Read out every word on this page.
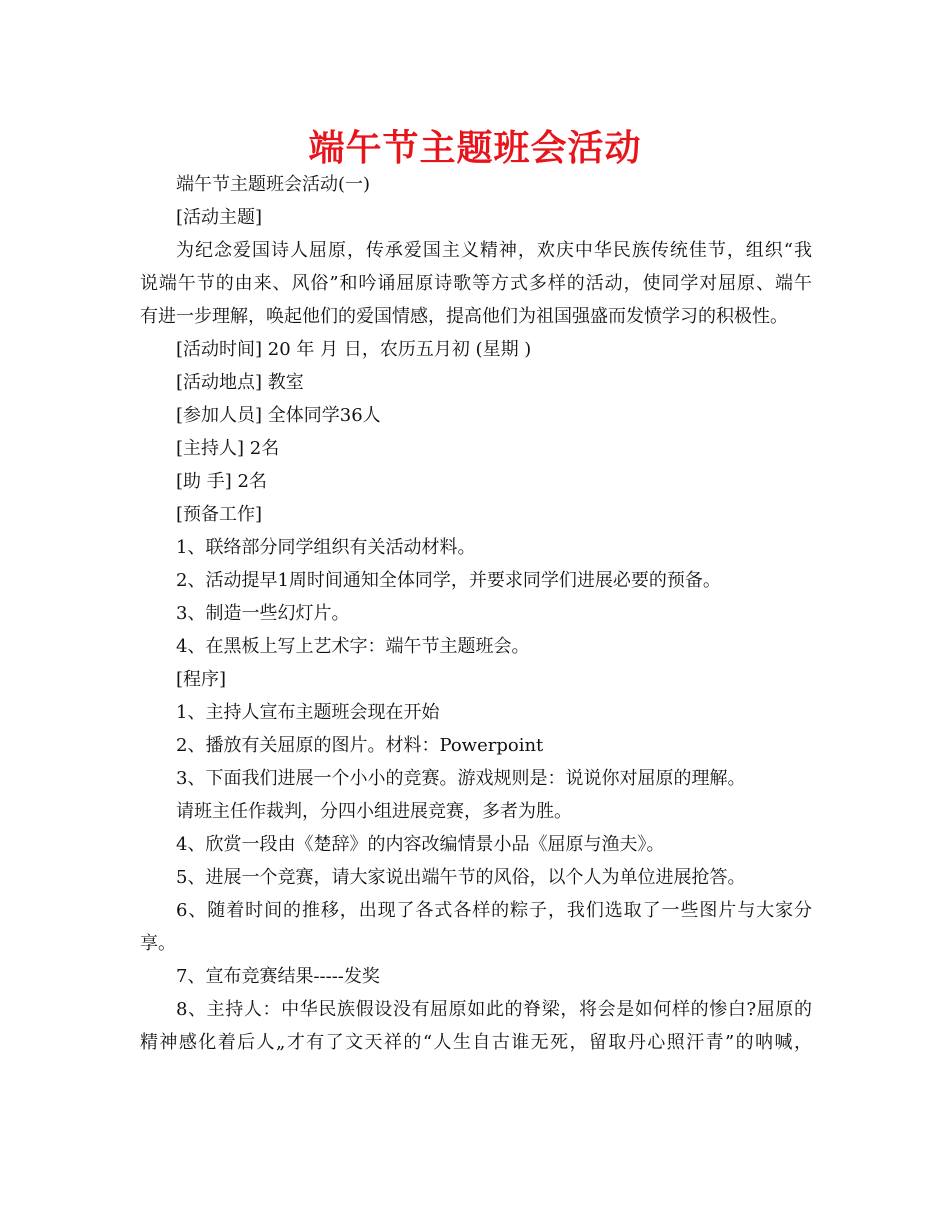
端午节主题班会活动
端午节主题班会活动(一)
[活动主题]
为纪念爱国诗人屈原，传承爱国主义精神，欢庆中华民族传统佳节，组织“我
说端午节的由来、风俗”和吟诵屈原诗歌等方式多样的活动，使同学对屈原、端午
有进一步理解，唤起他们的爱国情感，提高他们为祖国强盛而发愤学习的积极性。
[活动时间] 20 年 月 日，农历五月初 (星期 )
[活动地点] 教室
[参加人员] 全体同学36人
[主持人] 2名
[助 手] 2名
[预备工作]
1、联络部分同学组织有关活动材料。
2、活动提早1周时间通知全体同学，并要求同学们进展必要的预备。
3、制造一些幻灯片。
4、在黑板上写上艺术字：端午节主题班会。
[程序]
1、主持人宣布主题班会现在开始
2、播放有关屈原的图片。材料：Powerpoint
3、下面我们进展一个小小的竞赛。游戏规则是：说说你对屈原的理解。
请班主任作裁判，分四小组进展竞赛，多者为胜。
4、欣赏一段由《楚辞》的内容改编情景小品《屈原与渔夫》。
5、进展一个竞赛，请大家说出端午节的风俗，以个人为单位进展抢答。
6、随着时间的推移，出现了各式各样的粽子，我们选取了一些图片与大家分
享。
7、宣布竞赛结果-----发奖
8、主持人：中华民族假设没有屈原如此的脊梁，将会是如何样的惨白?屈原的
精神感化着后人„才有了文天祥的“人生自古谁无死，留取丹心照汗青”的呐喊，
